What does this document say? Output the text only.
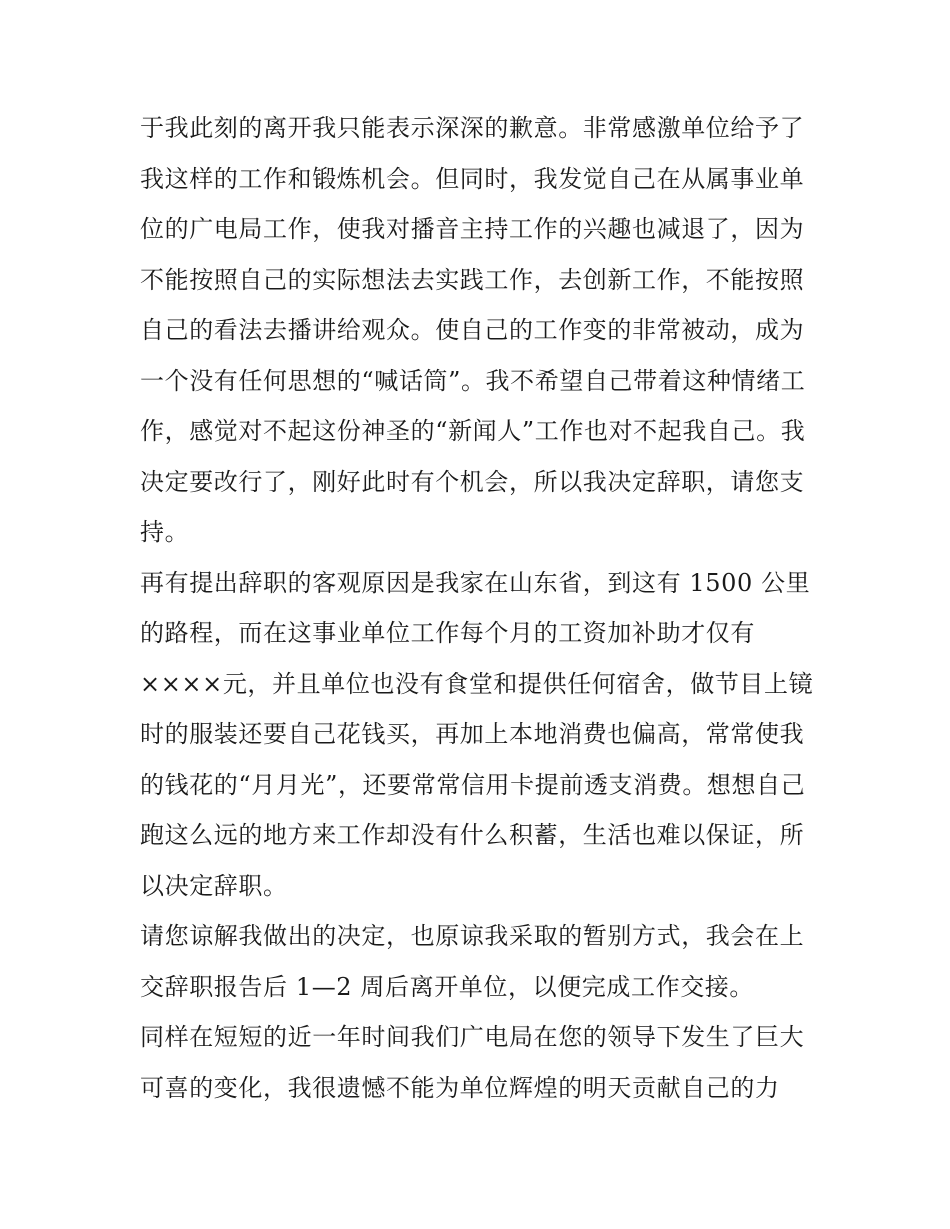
于我此刻的离开我只能表示深深的歉意。非常感激单位给予了
我这样的工作和锻炼机会。但同时，我发觉自己在从属事业单
位的广电局工作，使我对播音主持工作的兴趣也减退了，因为
不能按照自己的实际想法去实践工作，去创新工作，不能按照
自己的看法去播讲给观众。使自己的工作变的非常被动，成为
一个没有任何思想的“喊话筒”。我不希望自己带着这种情绪工
作，感觉对不起这份神圣的“新闻人”工作也对不起我自己。我
决定要改行了，刚好此时有个机会，所以我决定辞职，请您支
持。
再有提出辞职的客观原因是我家在山东省，到这有 1500 公里
的路程，而在这事业单位工作每个月的工资加补助才仅有
××××元，并且单位也没有食堂和提供任何宿舍，做节目上镜
时的服装还要自己花钱买，再加上本地消费也偏高，常常使我
的钱花的“月月光”，还要常常信用卡提前透支消费。想想自己
跑这么远的地方来工作却没有什么积蓄，生活也难以保证，所
以决定辞职。
请您谅解我做出的决定，也原谅我采取的暂别方式，我会在上
交辞职报告后 1—2 周后离开单位，以便完成工作交接。
同样在短短的近一年时间我们广电局在您的领导下发生了巨大
可喜的变化，我很遗憾不能为单位辉煌的明天贡献自己的力
